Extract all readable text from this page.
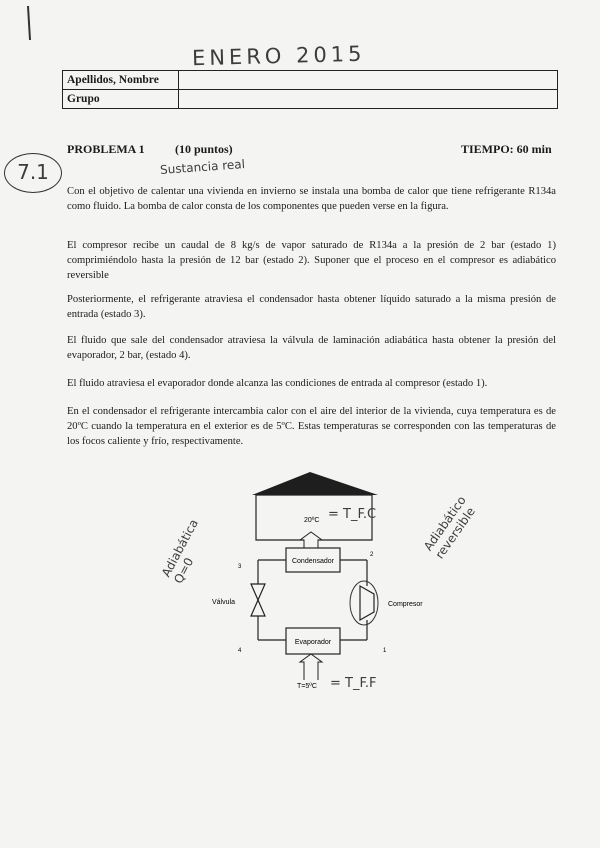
ENERO 2015
Apellidos, Nombre	
Grupo	
7.1
PROBLEMA 1	(10 puntos)	TIEMPO: 60 min
Sustancia real

Con el objetivo de calentar una vivienda en invierno se instala una bomba de calor que tiene refrigerante R134a como fluido. La bomba de calor consta de los componentes que pueden verse en la figura.

El compresor recibe un caudal de 8 kg/s de vapor saturado de R134a a la presión de 2 bar (estado 1) comprimiéndolo hasta la presión de 12 bar (estado 2). Suponer que el proceso en el compresor es adiabático reversible

Posteriormente, el refrigerante atraviesa el condensador hasta obtener líquido saturado a la misma presión de entrada (estado 3).

El fluido que sale del condensador atraviesa la válvula de laminación adiabática hasta obtener la presión del evaporador, 2 bar, (estado 4).

El fluido atraviesa el evaporador donde alcanza las condiciones de entrada al compresor (estado 1).

En el condensador el refrigerante intercambia calor con el aire del interior de la vivienda, cuya temperatura es de 20ºC cuando la temperatura en el exterior es de 5ºC. Estas temperaturas se corresponden con las temperaturas de los focos caliente y frío, respectivamente.

20ºC
Condensador
Válvula	Compresor
Evaporador
T=5ºC
1
2
3
4
Adiabática Q=0
Adiabático reversible
= T_F.C
= T_F.F
